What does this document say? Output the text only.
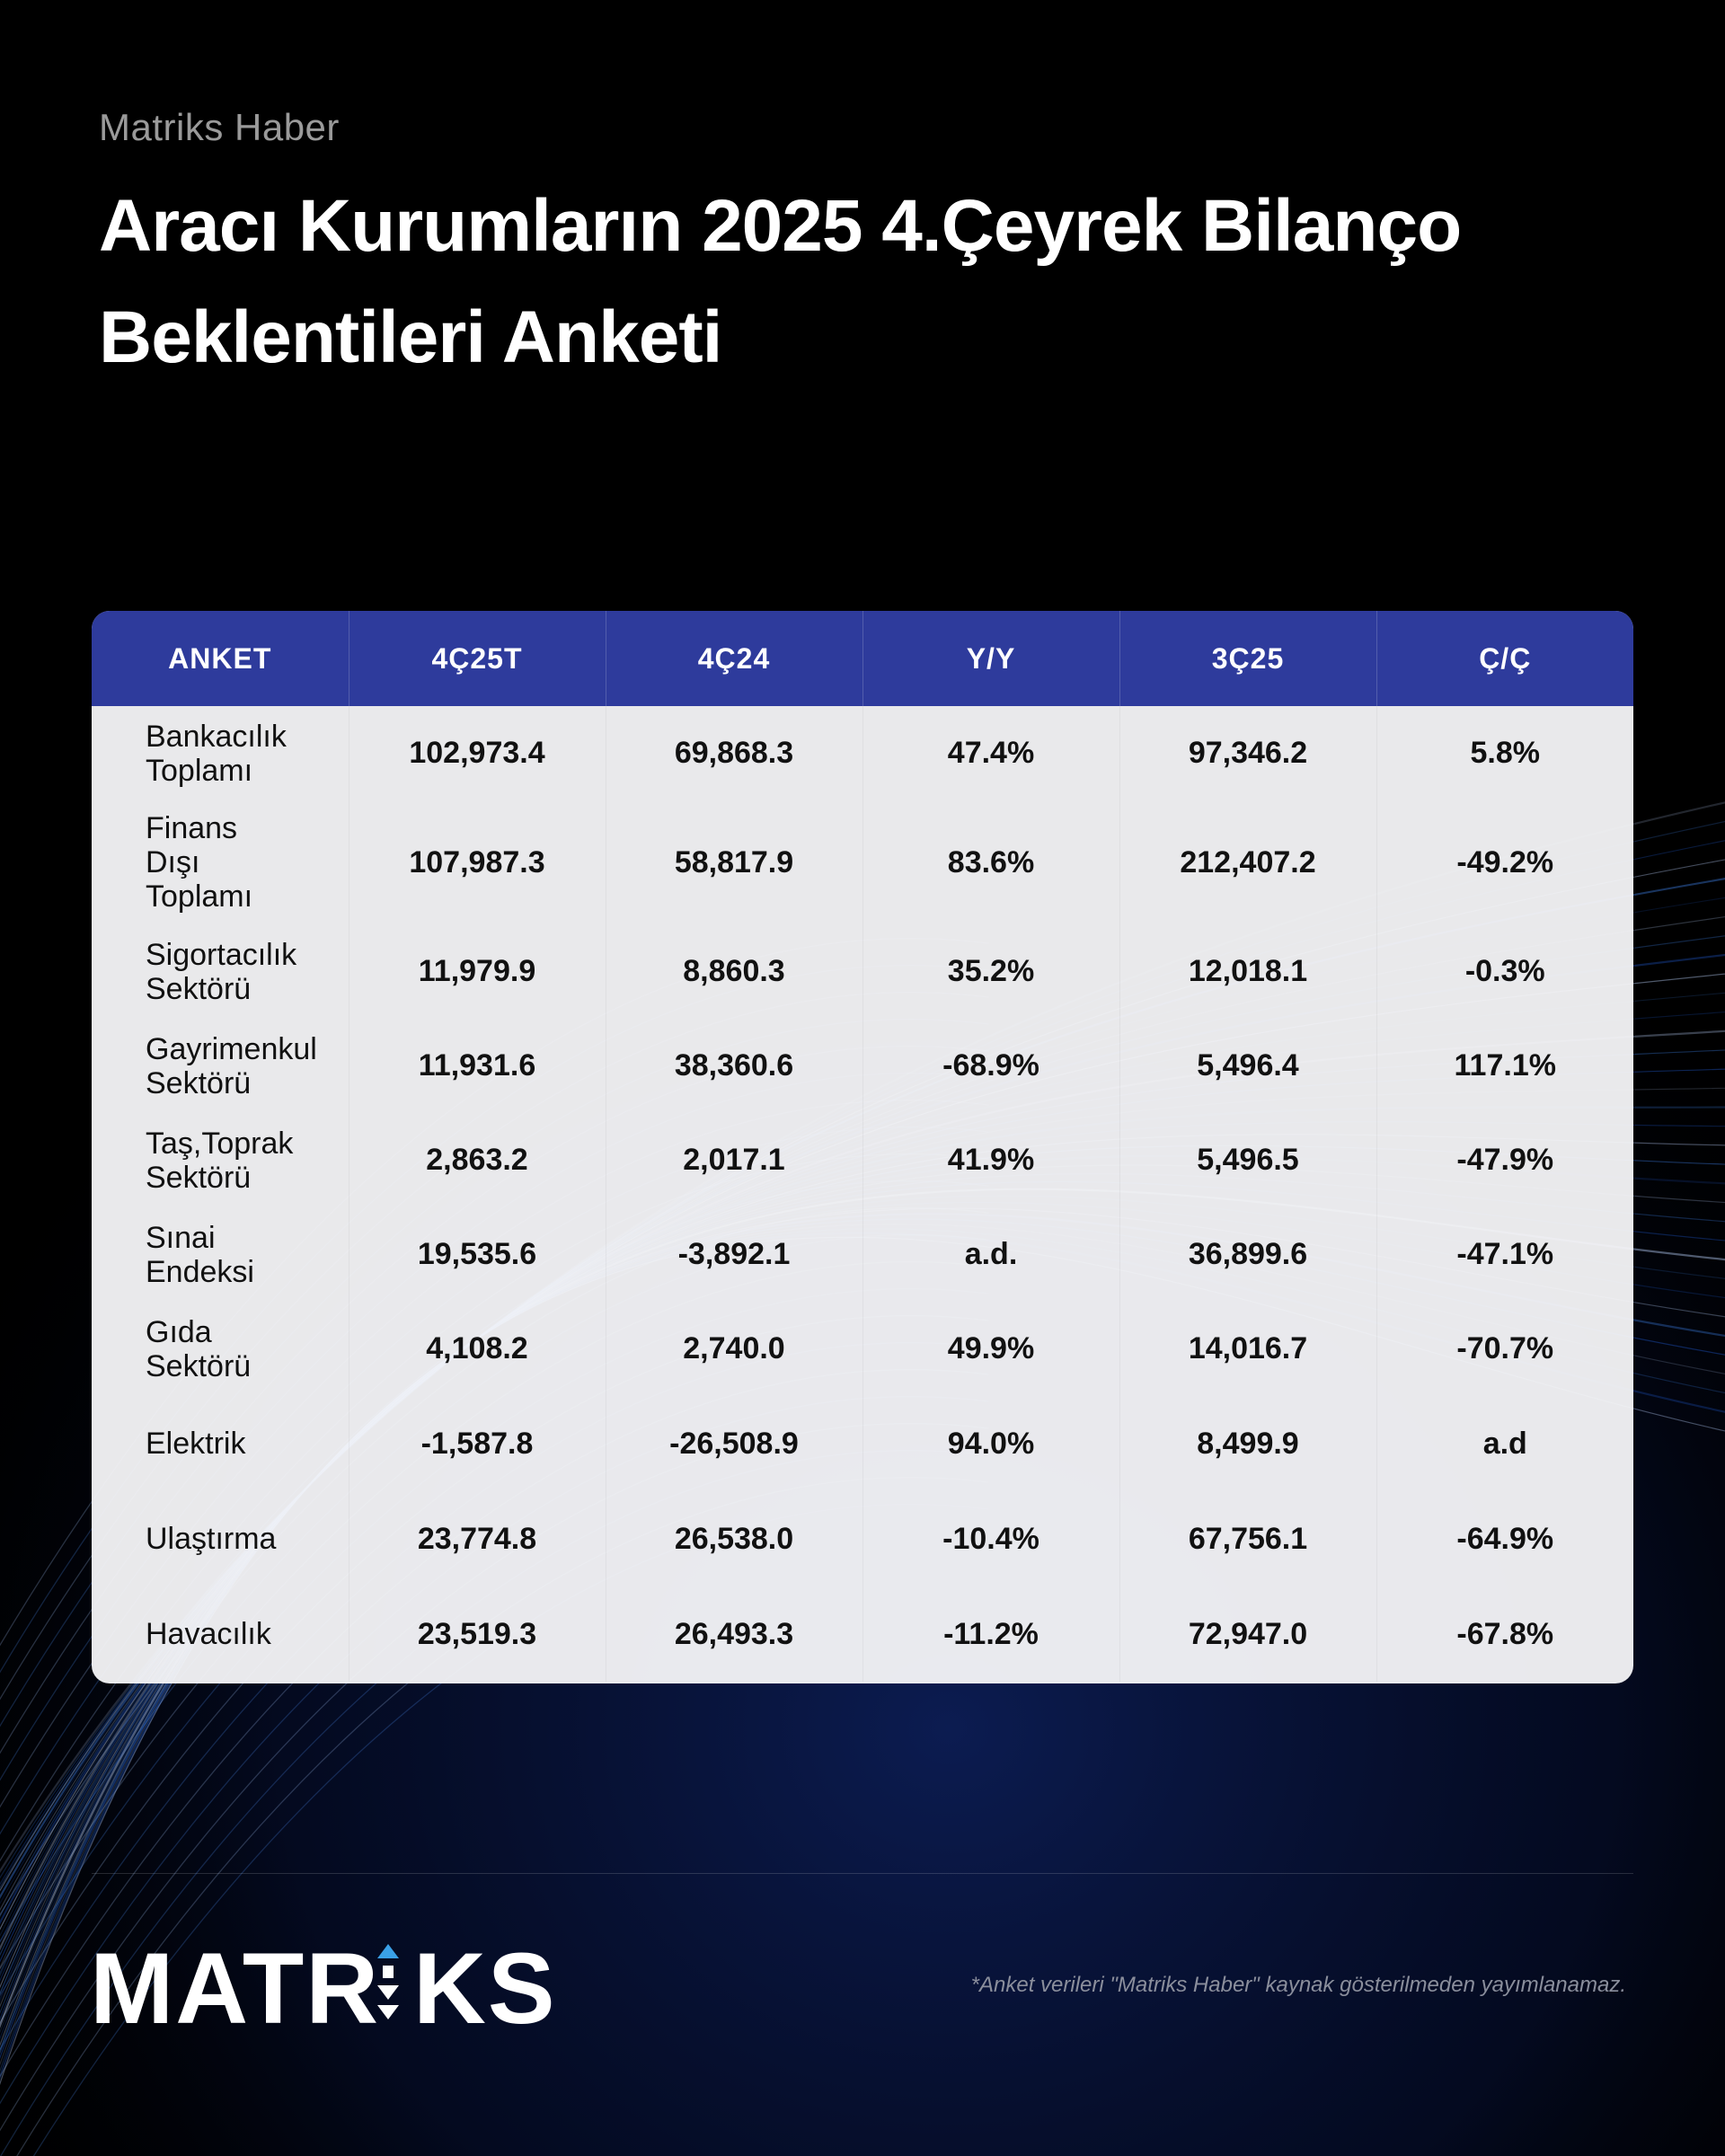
Matriks Haber
Aracı Kurumların 2025 4.Çeyrek Bilanço
Beklentileri Anketi
ANKET	4Ç25T	4Ç24	Y/Y	3Ç25	Ç/Ç
Bankacılık
Toplamı	102,973.4	69,868.3	47.4%	97,346.2	5.8%
Finans
Dışı
Toplamı	107,987.3	58,817.9	83.6%	212,407.2	-49.2%
Sigortacılık
Sektörü	11,979.9	8,860.3	35.2%	12,018.1	-0.3%
Gayrimenkul
Sektörü	11,931.6	38,360.6	-68.9%	5,496.4	117.1%
Taş,Toprak
Sektörü	2,863.2	2,017.1	41.9%	5,496.5	-47.9%
Sınai
Endeksi	19,535.6	-3,892.1	a.d.	36,899.6	-47.1%
Gıda
Sektörü	4,108.2	2,740.0	49.9%	14,016.7	-70.7%
Elektrik	-1,587.8	-26,508.9	94.0%	8,499.9	a.d
Ulaştırma	23,774.8	26,538.0	-10.4%	67,756.1	-64.9%
Havacılık	23,519.3	26,493.3	-11.2%	72,947.0	-67.8%
MATR KS	*Anket verileri "Matriks Haber" kaynak gösterilmeden yayımlanamaz.
